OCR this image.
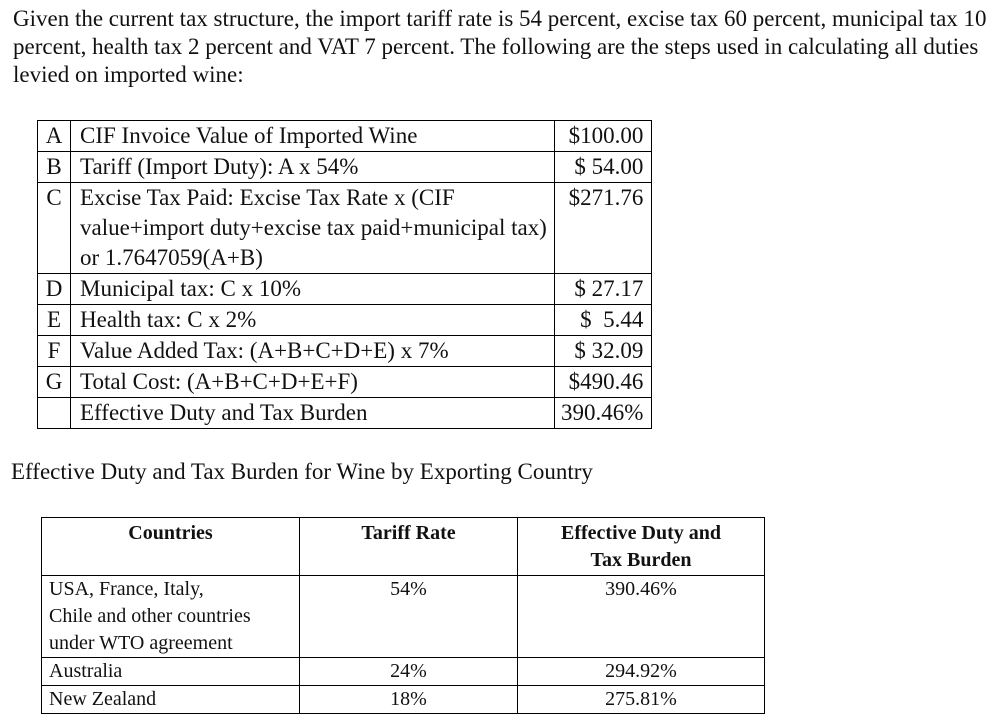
Given the current tax structure, the import tariff rate is 54 percent, excise tax 60 percent, municipal tax 10 percent, health tax 2 percent and VAT 7 percent. The following are the steps used in calculating all duties levied on imported wine:

A	CIF Invoice Value of Imported Wine	$100.00
B	Tariff (Import Duty): A x 54%	$ 54.00
C	Excise Tax Paid: Excise Tax Rate x (CIF value+import duty+excise tax paid+municipal tax) or 1.7647059(A+B)	$271.76
D	Municipal tax: C x 10%	$ 27.17
E	Health tax: C x 2%	$  5.44
F	Value Added Tax: (A+B+C+D+E) x 7%	$ 32.09
G	Total Cost: (A+B+C+D+E+F)	$490.46
	Effective Duty and Tax Burden	390.46%
Effective Duty and Tax Burden for Wine by Exporting Country
Countries	Tariff Rate	Effective Duty and
Tax Burden

USA, France, Italy,
Chile and other countries
under WTO agreement	54%	390.46%
Australia	24%	294.92%
New Zealand	18%	275.81%
